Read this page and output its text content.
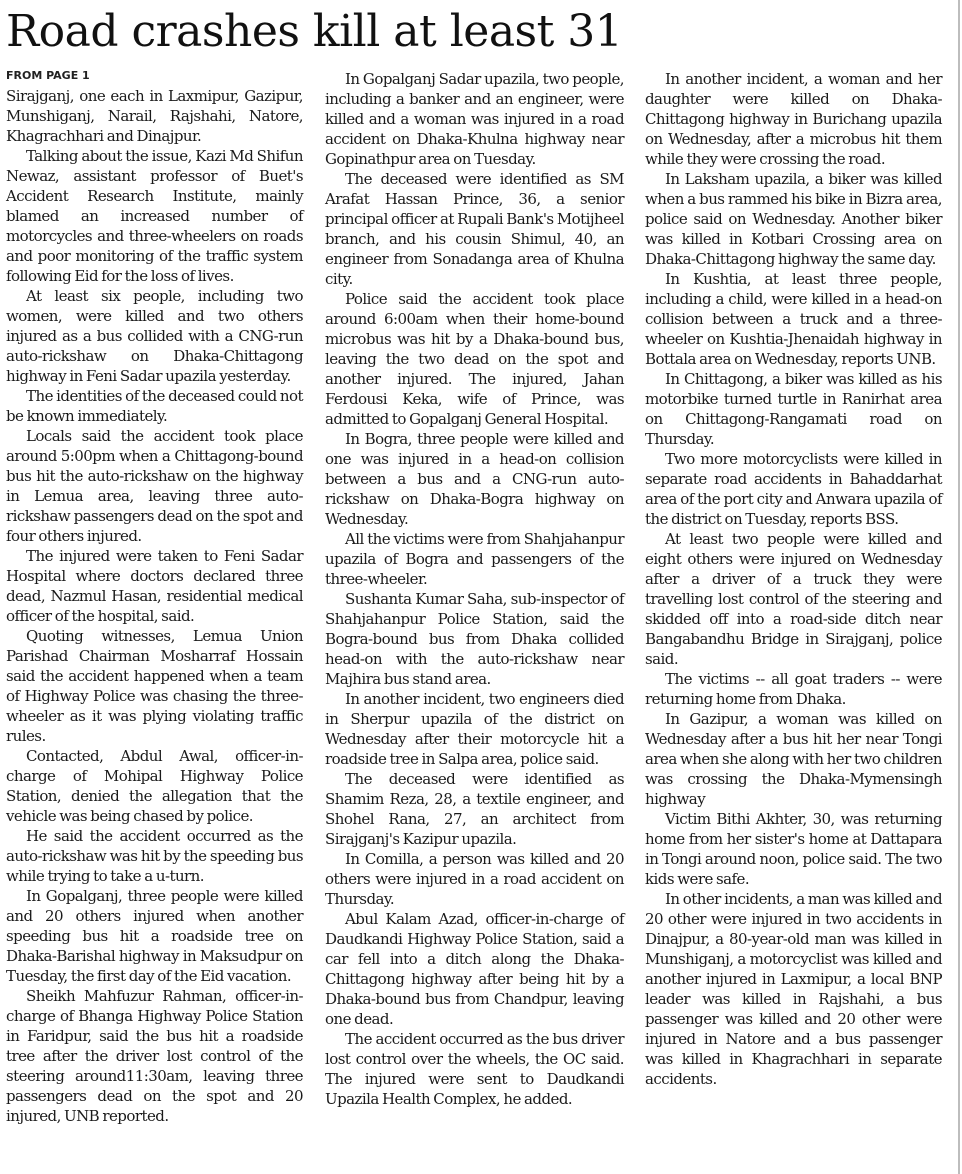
Road crashes kill at least 31
FROM PAGE 1

Sirajganj, one each in Laxmipur, Gazipur, Munshiganj, Narail, Rajshahi, Natore, Khagrachhari and Dinajpur.

Talking about the issue, Kazi Md Shifun Newaz, assistant professor of Buet's Accident Research Institute, mainly blamed an increased number of motorcycles and three-wheelers on roads and poor monitoring of the traffic system following Eid for the loss of lives.

At least six people, including two women, were killed and two others injured as a bus collided with a CNG-run auto-rickshaw on Dhaka-Chittagong highway in Feni Sadar upazila yesterday.

The identities of the deceased could not be known immediately.

Locals said the accident took place around 5:00pm when a Chittagong-bound bus hit the auto-rickshaw on the highway in Lemua area, leaving three auto-rickshaw passengers dead on the spot and four others injured.

The injured were taken to Feni Sadar Hospital where doctors declared three dead, Nazmul Hasan, residential medical officer of the hospital, said.

Quoting witnesses, Lemua Union Parishad Chairman Mosharraf Hossain said the accident happened when a team of Highway Police was chasing the three-wheeler as it was plying violating traffic rules.

Contacted, Abdul Awal, officer-in-charge of Mohipal Highway Police Station, denied the allegation that the vehicle was being chased by police.

He said the accident occurred as the auto-rickshaw was hit by the speeding bus while trying to take a u-turn.

In Gopalganj, three people were killed and 20 others injured when another speeding bus hit a roadside tree on Dhaka-Barishal highway in Maksudpur on Tuesday, the first day of the Eid vacation.

Sheikh Mahfuzur Rahman, officer-in-charge of Bhanga Highway Police Station in Faridpur, said the bus hit a roadside tree after the driver lost control of the steering around11:30am, leaving three passengers dead on the spot and 20 injured, UNB reported.

In Gopalganj Sadar upazila, two people, including a banker and an engineer, were killed and a woman was injured in a road accident on Dhaka-Khulna highway near Gopinathpur area on Tuesday.

The deceased were identified as SM Arafat Hassan Prince, 36, a senior principal officer at Rupali Bank's Motijheel branch, and his cousin Shimul, 40, an engineer from Sonadanga area of Khulna city.

Police said the accident took place around 6:00am when their home-bound microbus was hit by a Dhaka-bound bus, leaving the two dead on the spot and another injured. The injured, Jahan Ferdousi Keka, wife of Prince, was admitted to Gopalganj General Hospital.

In Bogra, three people were killed and one was injured in a head-on collision between a bus and a CNG-run auto-rickshaw on Dhaka-Bogra highway on Wednesday.

All the victims were from Shahjahanpur upazila of Bogra and passengers of the three-wheeler.

Sushanta Kumar Saha, sub-inspector of Shahjahanpur Police Station, said the Bogra-bound bus from Dhaka collided head-on with the auto-rickshaw near Majhira bus stand area.

In another incident, two engineers died in Sherpur upazila of the district on Wednesday after their motorcycle hit a roadside tree in Salpa area, police said.

The deceased were identified as Shamim Reza, 28, a textile engineer, and Shohel Rana, 27, an architect from Sirajganj's Kazipur upazila.

In Comilla, a person was killed and 20 others were injured in a road accident on Thursday.

Abul Kalam Azad, officer-in-charge of Daudkandi Highway Police Station, said a car fell into a ditch along the Dhaka-Chittagong highway after being hit by a Dhaka-bound bus from Chandpur, leaving one dead.

The accident occurred as the bus driver lost control over the wheels, the OC said. The injured were sent to Daudkandi Upazila Health Complex, he added.

In another incident, a woman and her daughter were killed on Dhaka-Chittagong highway in Burichang upazila on Wednesday, after a microbus hit them while they were crossing the road.

In Laksham upazila, a biker was killed when a bus rammed his bike in Bizra area, police said on Wednesday. Another biker was killed in Kotbari Crossing area on Dhaka-Chittagong highway the same day.

In Kushtia, at least three people, including a child, were killed in a head-on collision between a truck and a three-wheeler on Kushtia-Jhenaidah highway in Bottala area on Wednesday, reports UNB.

In Chittagong, a biker was killed as his motorbike turned turtle in Ranirhat area on Chittagong-Rangamati road on Thursday.

Two more motorcyclists were killed in separate road accidents in Bahaddarhat area of the port city and Anwara upazila of the district on Tuesday, reports BSS.

At least two people were killed and eight others were injured on Wednesday after a driver of a truck they were travelling lost control of the steering and skidded off into a road-side ditch near Bangabandhu Bridge in Sirajganj, police said.

The victims -- all goat traders -- were returning home from Dhaka.

In Gazipur, a woman was killed on Wednesday after a bus hit her near Tongi area when she along with her two children was crossing the Dhaka-Mymensingh highway

Victim Bithi Akhter, 30, was returning home from her sister's home at Dattapara in Tongi around noon, police said. The two kids were safe.

In other incidents, a man was killed and 20 other were injured in two accidents in Dinajpur, a 80-year-old man was killed in Munshiganj, a motorcyclist was killed and another injured in Laxmipur, a local BNP leader was killed in Rajshahi, a bus passenger was killed and 20 other were injured in Natore and a bus passenger was killed in Khagrachhari in separate accidents.
